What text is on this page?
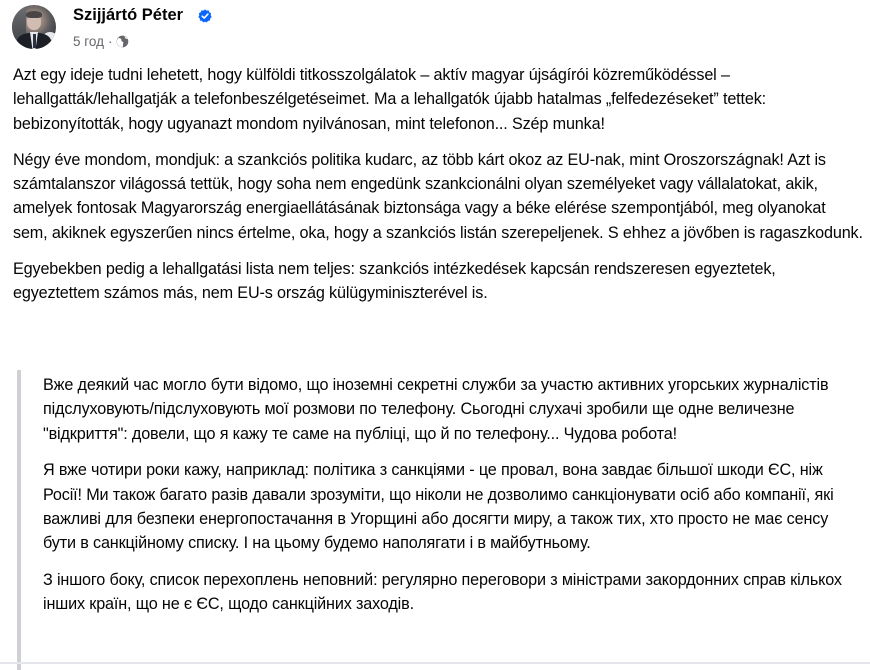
Szijjártó Péter
5 год ·

Azt egy ideje tudni lehetett, hogy külföldi titkosszolgálatok – aktív magyar újságírói közreműködéssel – lehallgatták/lehallgatják a telefonbeszélgetéseimet. Ma a lehallgatók újabb hatalmas „felfedezéseket” tettek: bebizonyították, hogy ugyanazt mondom nyilvánosan, mint telefonon... Szép munka!

Négy éve mondom, mondjuk: a szankciós politika kudarc, az több kárt okoz az EU-nak, mint Oroszországnak! Azt is számtalanszor világossá tettük, hogy soha nem engedünk szankcionálni olyan személyeket vagy vállalatokat, akik, amelyek fontosak Magyarország energiaellátásának biztonsága vagy a béke elérése szempontjából, meg olyanokat sem, akiknek egyszerűen nincs értelme, oka, hogy a szankciós listán szerepeljenek. S ehhez a jövőben is ragaszkodunk.

Egyebekben pedig a lehallgatási lista nem teljes: szankciós intézkedések kapcsán rendszeresen egyeztetek, egyeztettem számos más, nem EU-s ország külügyminiszterével is.

Вже деякий час могло бути відомо, що іноземні секретні служби за участю активних угорських журналістів підслуховують/підслуховують мої розмови по телефону. Сьогодні слухачі зробили ще одне величезне "відкриття": довели, що я кажу те саме на публіці, що й по телефону... Чудова робота!

Я вже чотири роки кажу, наприклад: політика з санкціями - це провал, вона завдає більшої шкоди ЄС, ніж Росії! Ми також багато разів давали зрозуміти, що ніколи не дозволимо санкціонувати осіб або компанії, які важливі для безпеки енергопостачання в Угорщині або досягти миру, а також тих, хто просто не має сенсу бути в санкційному списку. І на цьому будемо наполягати і в майбутньому.

З іншого боку, список перехоплень неповний: регулярно переговори з міністрами закордонних справ кількох інших країн, що не є ЄС, щодо санкційних заходів.
